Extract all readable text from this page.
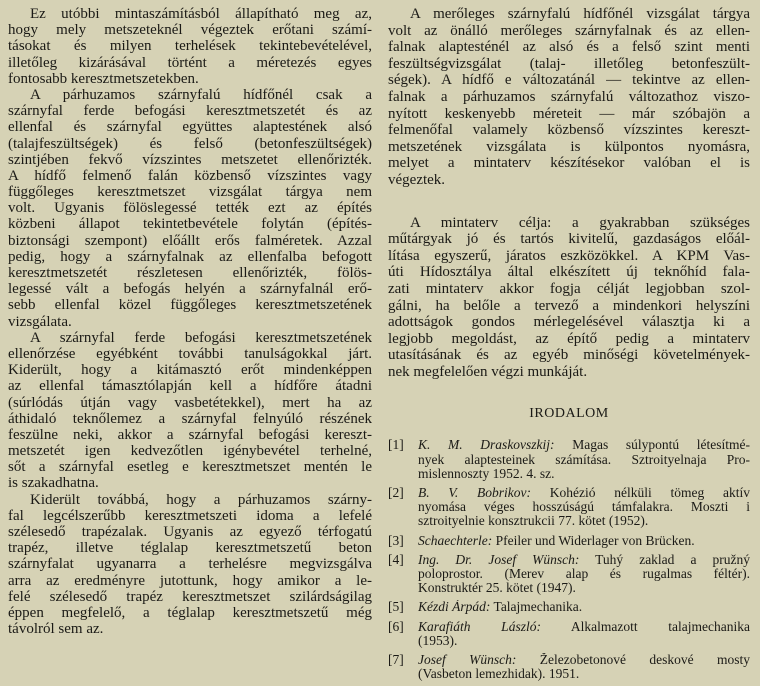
Ez utóbbi mintaszámításból állapítható meg az,
hogy mely metszeteknél végeztek erőtani számí-
tásokat és milyen terhelések tekintebevételével,
illetőleg kizárásával történt a méretezés egyes
fontosabb keresztmetszetekben.
A párhuzamos szárnyfalú hídfőnél csak a
szárnyfal ferde befogási keresztmetszetét és az
ellenfal és szárnyfal együttes alaptestének alsó
(talajfeszültségek) és felső (betonfeszültségek)
szintjében fekvő vízszintes metszetet ellenőrizték.
A hídfő felmenő falán közbenső vízszintes vagy
függőleges keresztmetszet vizsgálat tárgya nem
volt. Ugyanis fölöslegessé tették ezt az építés
közbeni állapot tekintetbevétele folytán (építés-
biztonsági szempont) előállt erős falméretek. Azzal
pedig, hogy a szárnyfalnak az ellenfalba befogott
keresztmetszetét részletesen ellenőrizték, fölös-
legessé vált a befogás helyén a szárnyfalnál erő-
sebb ellenfal közel függőleges keresztmetszetének
vizsgálata.
A szárnyfal ferde befogási keresztmetszetének
ellenőrzése egyébként további tanulságokkal járt.
Kiderült, hogy a kitámasztó erőt mindenképpen
az ellenfal támasztólapján kell a hídfőre átadni
(súrlódás útján vagy vasbetétekkel), mert ha az
áthidaló teknőlemez a szárnyfal felnyúló részének
feszülne neki, akkor a szárnyfal befogási kereszt-
metszetét igen kedvezőtlen igénybevétel terhelné,
sőt a szárnyfal esetleg e keresztmetszet mentén le
is szakadhatna.
Kiderült továbbá, hogy a párhuzamos szárny-
fal legcélszerűbb keresztmetszeti idoma a lefelé
szélesedő trapézalak. Ugyanis az egyező térfogatú
trapéz, illetve téglalap keresztmetszetű beton
szárnyfalat ugyanarra a terhelésre megvizsgálva
arra az eredményre jutottunk, hogy amikor a le-
felé szélesedő trapéz keresztmetszet szilárdságilag
éppen megfelelő, a téglalap keresztmetszetű még
távolról sem az.
A merőleges szárnyfalú hídfőnél vizsgálat tárgya
volt az önálló merőleges szárnyfalnak és az ellen-
falnak alaptesténél az alsó és a felső szint menti
feszültségvizsgálat (talaj- illetőleg betonfeszült-
ségek). A hídfő e változatánál — tekintve az ellen-
falnak a párhuzamos szárnyfalú változathoz viszo-
nyított keskenyebb méreteit — már szóbajön a
felmenőfal valamely közbenső vízszintes kereszt-
metszetének vizsgálata is külpontos nyomásra,
melyet a mintaterv készítésekor valóban el is
végeztek.
A mintaterv célja: a gyakrabban szükséges
műtárgyak jó és tartós kivitelű, gazdaságos előál-
lítása egyszerű, járatos eszközökkel. A KPM Vas-
úti Hídosztálya által elkészített új teknőhíd fala-
zati mintaterv akkor fogja célját legjobban szol-
gálni, ha belőle a tervező a mindenkori helyszíni
adottságok gondos mérlegelésével választja ki a
legjobb megoldást, az építő pedig a mintaterv
utasításának és az egyéb minőségi követelmények-
nek megfelelően végzi munkáját.
IRODALOM
[1] K. M. Draskovszkij: Magas súlypontú létesítmé-
nyek alaptesteinek számítása. Sztroityelnaja Pro-
mislennoszty 1952. 4. sz.
[2] B. V. Bobrikov: Kohézió nélküli tömeg aktív
nyomása véges hosszúságú támfalakra. Moszti i
sztroityelnie konsztrukcii 77. kötet (1952).
[3] Schaechterle: Pfeiler und Widerlager von Brücken.
[4] Ing. Dr. Josef Wünsch: Tuhý zaklad a pružný
poloprostor. (Merev alap és rugalmas féltér).
Konstruktér 25. kötet (1947).
[5] Kézdi Árpád: Talajmechanika.
[6] Karafiáth László: Alkalmazott talajmechanika
(1953).
[7] Josef Wünsch: Železobetonové deskové mosty
(Vasbeton lemezhidak). 1951.
